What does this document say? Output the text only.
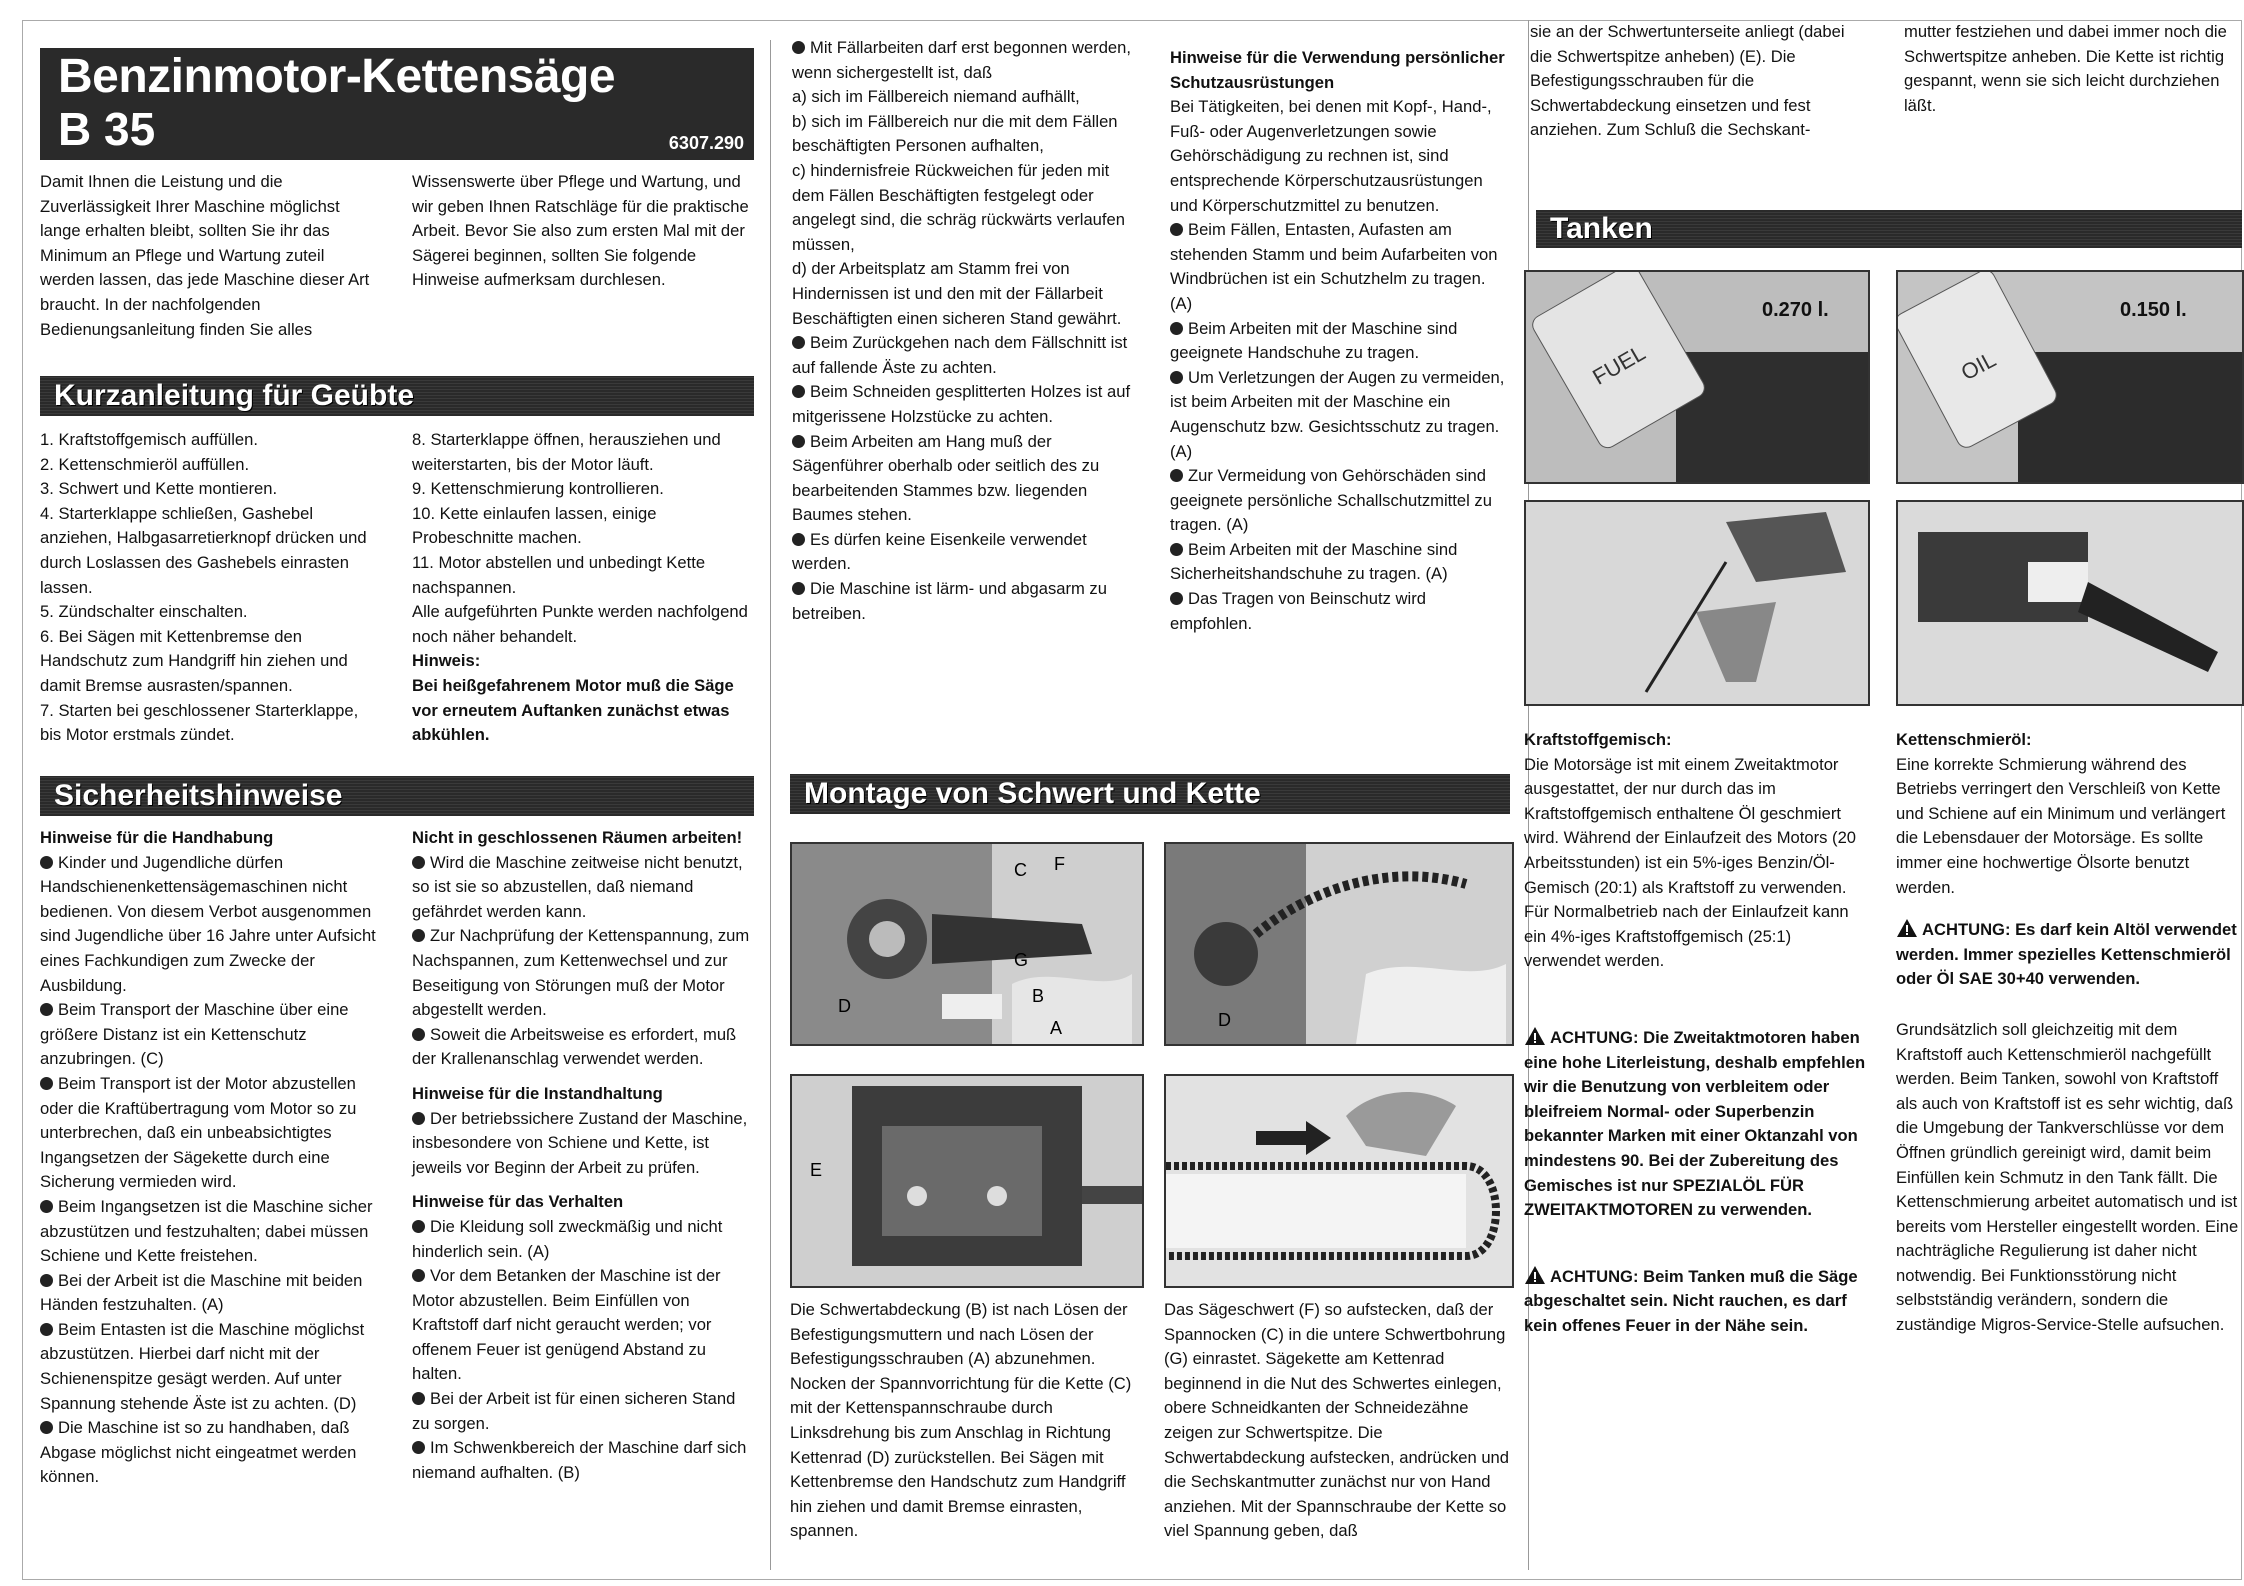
Benzinmotor-Kettensäge
B 35	6307.290

Damit Ihnen die Leistung und die Zuverlässigkeit Ihrer Maschine möglichst lange erhalten bleibt, sollten Sie ihr das Minimum an Pflege und Wartung zuteil werden lassen, das jede Maschine dieser Art braucht. In der nachfolgenden Bedienungsanleitung finden Sie alles

Wissenswerte über Pflege und Wartung, und wir geben Ihnen Ratschläge für die praktische Arbeit. Bevor Sie also zum ersten Mal mit der Sägerei beginnen, sollten Sie folgende Hinweise aufmerksam durchlesen.

Kurzanleitung für Geübte

1. Kraftstoffgemisch auffüllen.

2. Kettenschmieröl auffüllen.

3. Schwert und Kette montieren.

4. Starterklappe schließen, Gashebel anziehen, Halbgasarretierknopf drücken und durch Loslassen des Gashebels einrasten lassen.

5. Zündschalter einschalten.

6. Bei Sägen mit Kettenbremse den Handschutz zum Handgriff hin ziehen und damit Bremse ausrasten/spannen.

7. Starten bei geschlossener Starterklappe, bis Motor erstmals zündet.

8. Starterklappe öffnen, herausziehen und weiterstarten, bis der Motor läuft.

9. Kettenschmierung kontrollieren.

10. Kette einlaufen lassen, einige Probeschnitte machen.

11. Motor abstellen und unbedingt Kette nachspannen.

Alle aufgeführten Punkte werden nachfolgend noch näher behandelt.

Hinweis:

Bei heißgefahrenem Motor muß die Säge vor erneutem Auftanken zunächst etwas abkühlen.

Sicherheitshinweise

Hinweise für die Handhabung

Kinder und Jugendliche dürfen Handschienenkettensägemaschinen nicht bedienen. Von diesem Verbot ausgenommen sind Jugendliche über 16 Jahre unter Aufsicht eines Fachkundigen zum Zwecke der Ausbildung.

Beim Transport der Maschine über eine größere Distanz ist ein Kettenschutz anzubringen. (C)

Beim Transport ist der Motor abzustellen oder die Kraftübertragung vom Motor so zu unterbrechen, daß ein unbeabsichtigtes Ingangsetzen der Sägekette durch eine Sicherung vermieden wird.

Beim Ingangsetzen ist die Maschine sicher abzustützen und festzuhalten; dabei müssen Schiene und Kette freistehen.

Bei der Arbeit ist die Maschine mit beiden Händen festzuhalten. (A)

Beim Entasten ist die Maschine möglichst abzustützen. Hierbei darf nicht mit der Schienenspitze gesägt werden. Auf unter Spannung stehende Äste ist zu achten. (D)

Die Maschine ist so zu handhaben, daß Abgase möglichst nicht eingeatmet werden können.

Nicht in geschlossenen Räumen arbeiten!

Wird die Maschine zeitweise nicht benutzt, so ist sie so abzustellen, daß niemand gefährdet werden kann.

Zur Nachprüfung der Kettenspannung, zum Nachspannen, zum Kettenwechsel und zur Beseitigung von Störungen muß der Motor abgestellt werden.

Soweit die Arbeitsweise es erfordert, muß der Krallenanschlag verwendet werden.

Hinweise für die Instandhaltung

Der betriebssichere Zustand der Maschine, insbesondere von Schiene und Kette, ist jeweils vor Beginn der Arbeit zu prüfen.

Hinweise für das Verhalten

Die Kleidung soll zweckmäßig und nicht hinderlich sein. (A)

Vor dem Betanken der Maschine ist der Motor abzustellen. Beim Einfüllen von Kraftstoff darf nicht geraucht werden; vor offenem Feuer ist genügend Abstand zu halten.

Bei der Arbeit ist für einen sicheren Stand zu sorgen.

Im Schwenkbereich der Maschine darf sich niemand aufhalten. (B)

Mit Fällarbeiten darf erst begonnen werden, wenn sichergestellt ist, daß

a) sich im Fällbereich niemand aufhällt,

b) sich im Fällbereich nur die mit dem Fällen beschäftigten Personen aufhalten,

c) hindernisfreie Rückweichen für jeden mit dem Fällen Beschäftigten festgelegt oder angelegt sind, die schräg rückwärts verlaufen müssen,

d) der Arbeitsplatz am Stamm frei von Hindernissen ist und den mit der Fällarbeit Beschäftigten einen sicheren Stand gewährt.

Beim Zurückgehen nach dem Fällschnitt ist auf fallende Äste zu achten.

Beim Schneiden gesplitterten Holzes ist auf mitgerissene Holzstücke zu achten.

Beim Arbeiten am Hang muß der Sägenführer oberhalb oder seitlich des zu bearbeitenden Stammes bzw. liegenden Baumes stehen.

Es dürfen keine Eisenkeile verwendet werden.

Die Maschine ist lärm- und abgasarm zu betreiben.

Hinweise für die Verwendung persönlicher Schutzausrüstungen

Bei Tätigkeiten, bei denen mit Kopf-, Hand-, Fuß- oder Augenverletzungen sowie Gehörschädigung zu rechnen ist, sind entsprechende Körperschutzausrüstungen und Körperschutzmittel zu benutzen.

Beim Fällen, Entasten, Aufasten am stehenden Stamm und beim Aufarbeiten von Windbrüchen ist ein Schutzhelm zu tragen. (A)

Beim Arbeiten mit der Maschine sind geeignete Handschuhe zu tragen.

Um Verletzungen der Augen zu vermeiden, ist beim Arbeiten mit der Maschine ein Augenschutz bzw. Gesichtsschutz zu tragen. (A)

Zur Vermeidung von Gehörschäden sind geeignete persönliche Schallschutzmittel zu tragen. (A)

Beim Arbeiten mit der Maschine sind Sicherheitshandschuhe zu tragen. (A)

Das Tragen von Beinschutz wird empfohlen.

Montage von Schwert und Kette
C F
G
D	B
A	D
E

Die Schwertabdeckung (B) ist nach Lösen der Befestigungsmuttern und nach Lösen der Befestigungsschrauben (A) abzunehmen. Nocken der Spannvorrichtung für die Kette (C) mit der Kettenspannschraube durch Linksdrehung bis zum Anschlag in Richtung Kettenrad (D) zurückstellen. Bei Sägen mit Kettenbremse den Handschutz zum Handgriff hin ziehen und damit Bremse einrasten, spannen.

Das Sägeschwert (F) so aufstecken, daß der Spannocken (C) in die untere Schwertbohrung (G) einrastet. Sägekette am Kettenrad beginnend in die Nut des Schwertes einlegen, obere Schneidkanten der Schneidezähne zeigen zur Schwertspitze. Die Schwertabdeckung aufstecken, andrücken und die Sechskantmutter zunächst nur von Hand anziehen. Mit der Spannschraube der Kette so viel Spannung geben, daß

sie an der Schwertunterseite anliegt (dabei die Schwertspitze anheben) (E). Die Befestigungsschrauben für die Schwertabdeckung einsetzen und fest anziehen. Zum Schluß die Sechskant-

mutter festziehen und dabei immer noch die Schwertspitze anheben. Die Kette ist richtig gespannt, wenn sie sich leicht durchziehen läßt.

Tanken
FUEL
0.270 l.
OIL
0.150 l.

Kraftstoffgemisch:

Die Motorsäge ist mit einem Zweitaktmotor ausgestattet, der nur durch das im Kraftstoffgemisch enthaltene Öl geschmiert wird. Während der Einlaufzeit des Motors (20 Arbeitsstunden) ist ein 5%-iges Benzin/Öl-Gemisch (20:1) als Kraftstoff zu verwenden. Für Normalbetrieb nach der Einlaufzeit kann ein 4%-iges Kraftstoffgemisch (25:1) verwendet werden.

ACHTUNG: Die Zweitaktmotoren haben eine hohe Literleistung, deshalb empfehlen wir die Benutzung von verbleitem oder bleifreiem Normal- oder Superbenzin bekannter Marken mit einer Oktanzahl von mindestens 90. Bei der Zubereitung des Gemisches ist nur SPEZIALÖL FÜR ZWEITAKTMOTOREN zu verwenden.

ACHTUNG: Beim Tanken muß die Säge abgeschaltet sein. Nicht rauchen, es darf kein offenes Feuer in der Nähe sein.

Kettenschmieröl:

Eine korrekte Schmierung während des Betriebs verringert den Verschleiß von Kette und Schiene auf ein Minimum und verlängert die Lebensdauer der Motorsäge. Es sollte immer eine hochwertige Ölsorte benutzt werden.

ACHTUNG: Es darf kein Altöl verwendet werden. Immer spezielles Kettenschmieröl oder Öl SAE 30+40 verwenden.

Grundsätzlich soll gleichzeitig mit dem Kraftstoff auch Kettenschmieröl nachgefüllt werden. Beim Tanken, sowohl von Kraftstoff als auch von Kraftstoff ist es sehr wichtig, daß die Umgebung der Tankverschlüsse vor dem Öffnen gründlich gereinigt wird, damit beim Einfüllen kein Schmutz in den Tank fällt. Die Kettenschmierung arbeitet automatisch und ist bereits vom Hersteller eingestellt worden. Eine nachträgliche Regulierung ist daher nicht notwendig. Bei Funktionsstörung nicht selbstständig verändern, sondern die zuständige Migros-Service-Stelle aufsuchen.
